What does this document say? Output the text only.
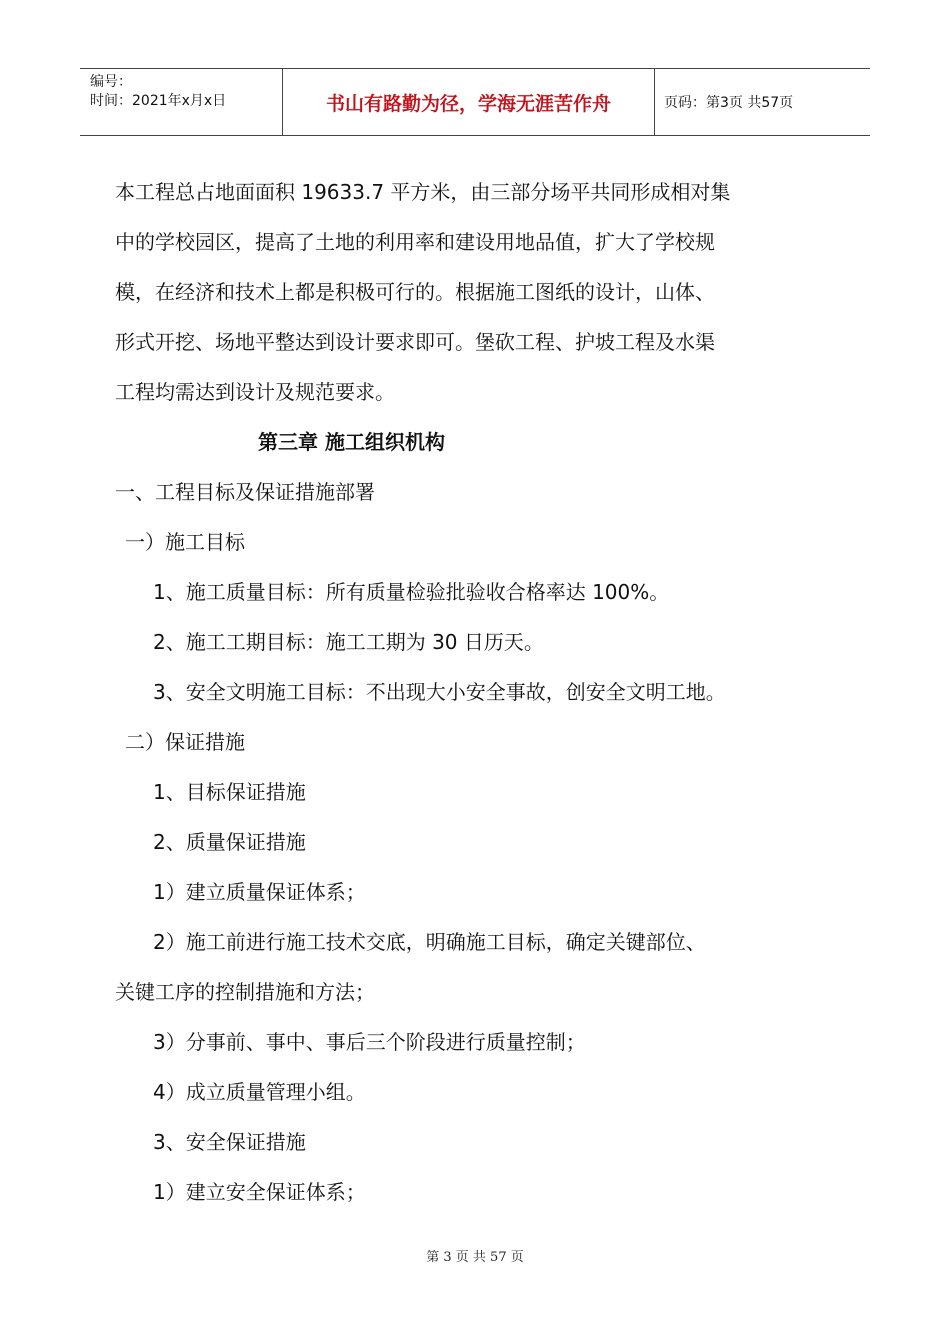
编号：
时间：2021年x月x日	书山有路勤为径，学海无涯苦作舟	页码：第3页 共57页
本工程总占地面面积 19633.7 平方米，由三部分场平共同形成相对集
中的学校园区，提高了土地的利用率和建设用地品值，扩大了学校规
模，在经济和技术上都是积极可行的。根据施工图纸的设计，山体、
形式开挖、场地平整达到设计要求即可。堡砍工程、护坡工程及水渠
工程均需达到设计及规范要求。
第三章 施工组织机构
一、工程目标及保证措施部署
一）施工目标
1、施工质量目标：所有质量检验批验收合格率达 100%。
2、施工工期目标：施工工期为 30 日历天。
3、安全文明施工目标：不出现大小安全事故，创安全文明工地。
二）保证措施
1、目标保证措施
2、质量保证措施
1）建立质量保证体系；
2）施工前进行施工技术交底，明确施工目标，确定关键部位、
关键工序的控制措施和方法；
3）分事前、事中、事后三个阶段进行质量控制；
4）成立质量管理小组。
3、安全保证措施
1）建立安全保证体系；
第 3 页 共 57 页
